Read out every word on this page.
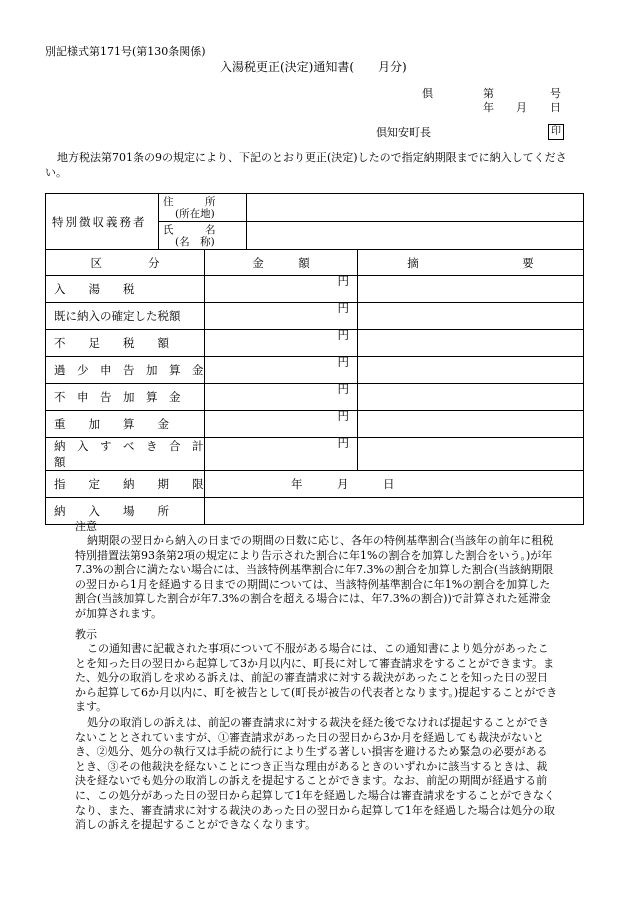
別記様式第171号(第130条関係)
入湯税更正(決定)通知書(　　月分)
倶	第	号
年 月 日
倶知安町長	印
地方税法第701条の9の規定により、下記のとおり更正(決定)したので指定納期限までに納入してください。
特別徴収義務者	住　　　所
(所在地)			

	氏　　　名
(名　称)			

区　　　　分		金　　　額		摘　　　　　　　　　要
入　　湯　　税		円		
既に納入の確定した税額		円		
不　　足　　税　　額		円		
過　少　申　告　加　算　金		円		
不　申　告　加　算　金		円		
重　　加　　算　　金		円		
納　入　す　べ　き　合　計　額		円		
指　　定　　納　　期　　限		年　　　月　　　日		
納　　入　　場　　所				
注意
納期限の翌日から納入の日までの期間の日数に応じ、各年の特例基準割合(当該年の前年に租税特別措置法第93条第2項の規定により告示された割合に年1%の割合を加算した割合をいう。)が年7.3%の割合に満たない場合には、当該特例基準割合に年7.3%の割合を加算した割合(当該納期限の翌日から1月を経過する日までの期間については、当該特例基準割合に年1%の割合を加算した割合(当該加算した割合が年7.3%の割合を超える場合には、年7.3%の割合))で計算された延滞金が加算されます。
教示
この通知書に記載された事項について不服がある場合には、この通知書により処分があったことを知った日の翌日から起算して3か月以内に、町長に対して審査請求をすることができます。また、処分の取消しを求める訴えは、前記の審査請求に対する裁決があったことを知った日の翌日から起算して6か月以内に、町を被告として(町長が被告の代表者となります。)提起することができます。
処分の取消しの訴えは、前記の審査請求に対する裁決を経た後でなければ提起することができないこととされていますが、①審査請求があった日の翌日から3か月を経過しても裁決がないとき、②処分、処分の執行又は手続の続行により生ずる著しい損害を避けるため緊急の必要があるとき、③その他裁決を経ないことにつき正当な理由があるときのいずれかに該当するときは、裁決を経ないでも処分の取消しの訴えを提起することができます。なお、前記の期間が経過する前に、この処分があった日の翌日から起算して1年を経過した場合は審査請求をすることができなくなり、また、審査請求に対する裁決のあった日の翌日から起算して1年を経過した場合は処分の取消しの訴えを提起することができなくなります。
